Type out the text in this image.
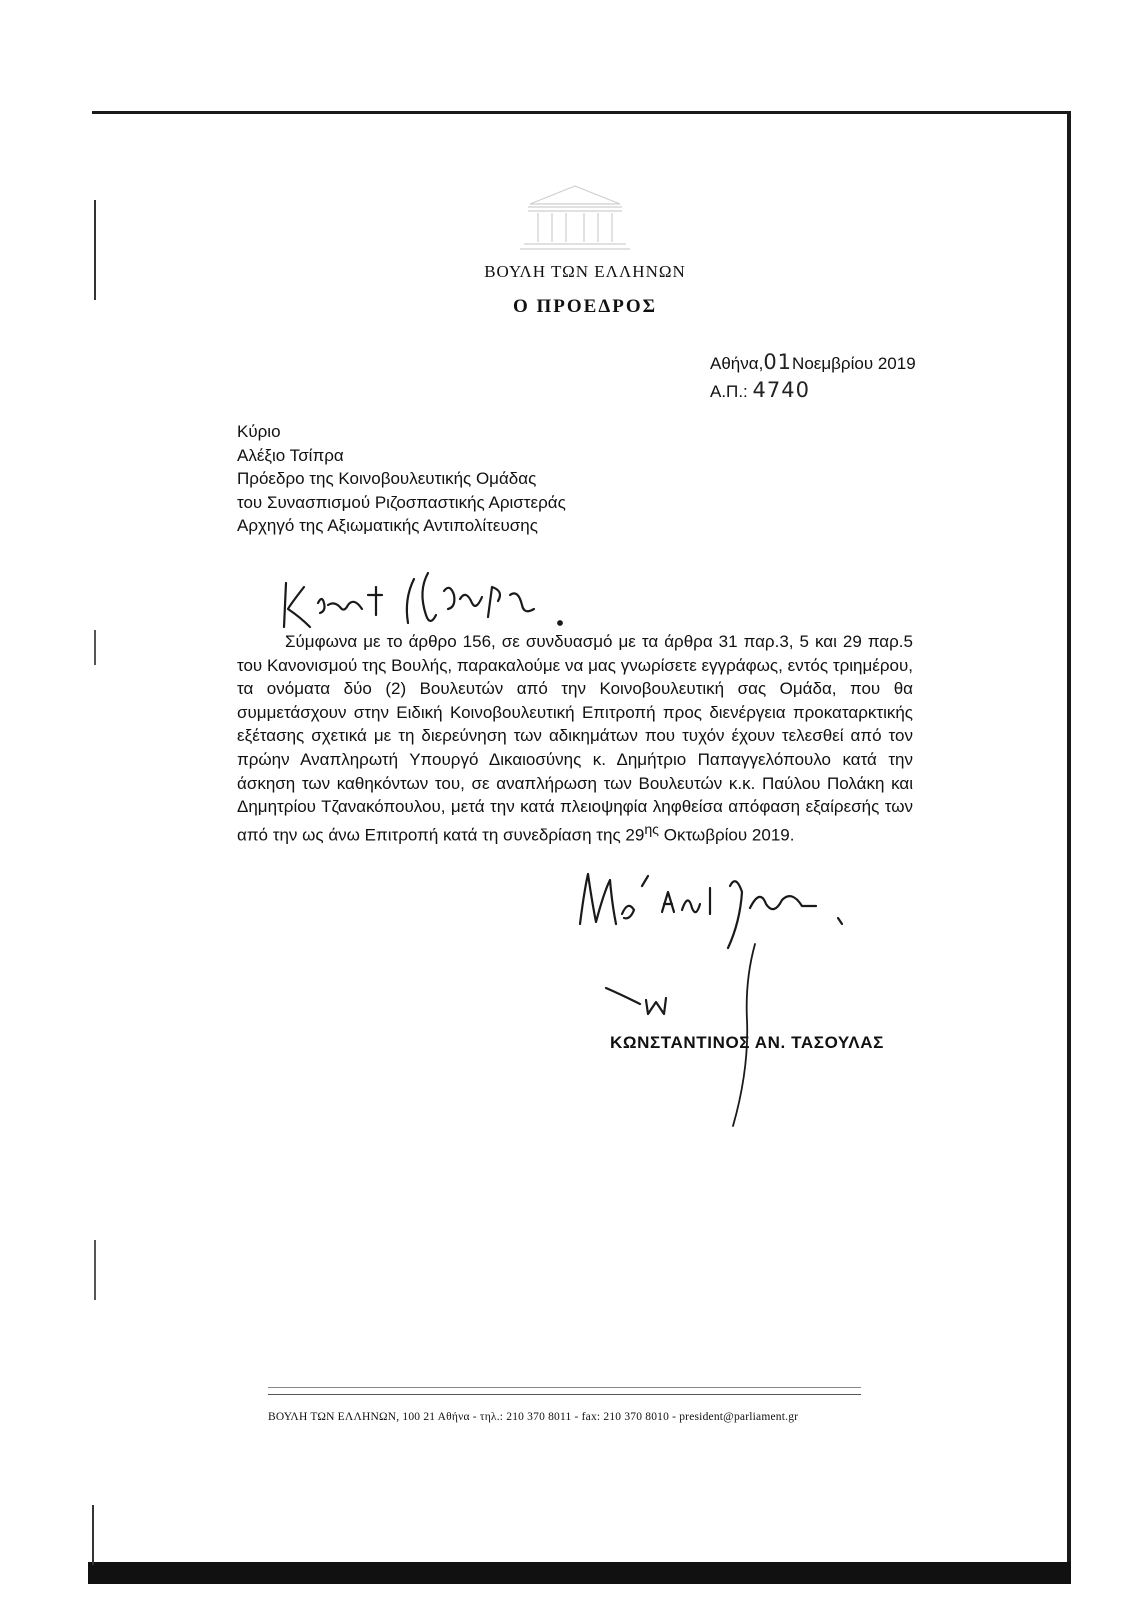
ΒΟΥΛΗ ΤΩΝ ΕΛΛΗΝΩΝ
Ο ΠΡΟΕΔΡΟΣ
Αθήνα,01Νοεμβρίου 2019
Α.Π.: 4740
Κύριο
Αλέξιο Τσίπρα
Πρόεδρο της Κοινοβουλευτικής Ομάδας
του Συνασπισμού Ριζοσπαστικής Αριστεράς
Αρχηγό της Αξιωματικής Αντιπολίτευσης
Σύμφωνα με το άρθρο 156, σε συνδυασμό με τα άρθρα 31 παρ.3, 5 και 29 παρ.5 του Κανονισμού της Βουλής, παρακαλούμε να μας γνωρίσετε εγγράφως, εντός τριημέρου, τα ονόματα δύο (2) Βουλευτών από την Κοινοβουλευτική σας Ομάδα, που θα συμμετάσχουν στην Ειδική Κοινοβουλευτική Επιτροπή προς διενέργεια προκαταρκτικής εξέτασης σχετικά με τη διερεύνηση των αδικημάτων που τυχόν έχουν τελεσθεί από τον πρώην Αναπληρωτή Υπουργό Δικαιοσύνης κ. Δημήτριο Παπαγγελόπουλο κατά την άσκηση των καθηκόντων του, σε αναπλήρωση των Βουλευτών κ.κ. Παύλου Πολάκη και Δημητρίου Τζανακόπουλου, μετά την κατά πλειοψηφία ληφθείσα απόφαση εξαίρεσής των από την ως άνω Επιτροπή κατά τη συνεδρίαση της $29^{\eta\varsigma}$ Οκτωβρίου 2019.
ΚΩΝΣΤΑΝΤΙΝΟΣ ΑΝ. ΤΑΣΟΥΛΑΣ
ΒΟΥΛΗ ΤΩΝ ΕΛΛΗΝΩΝ, 100 21 Αθήνα - τηλ.: 210 370 8011 - fax: 210 370 8010 - president@parliament.gr
